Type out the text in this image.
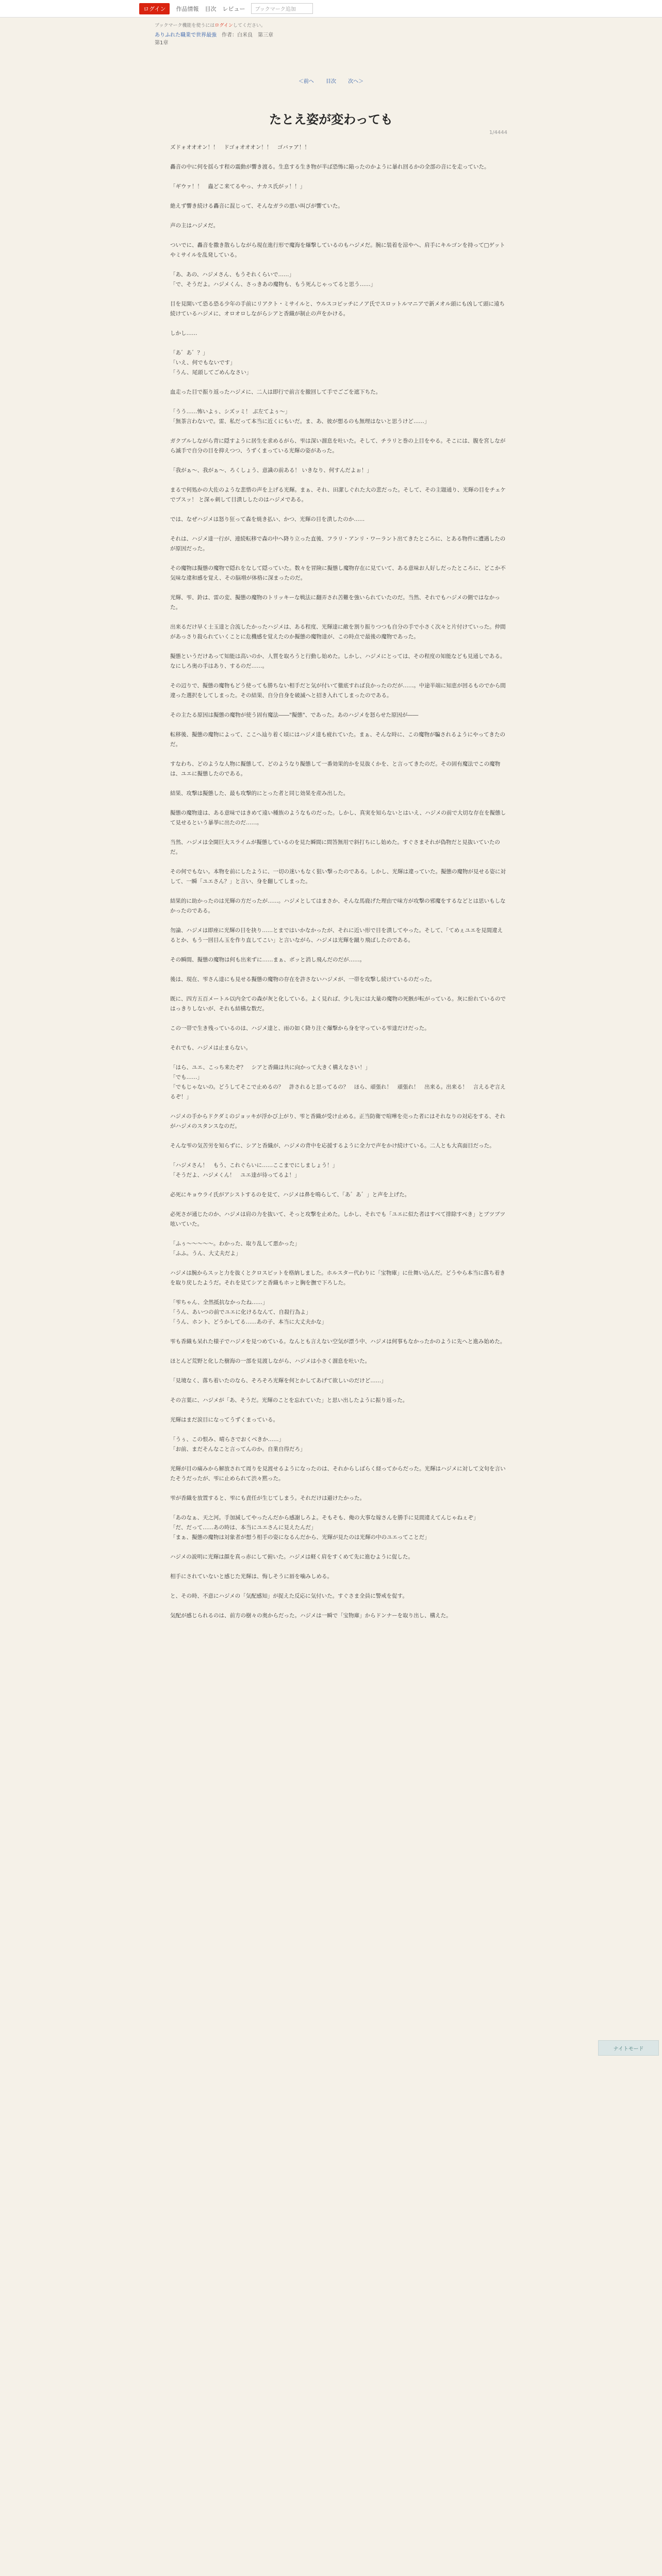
ログイン	作品情報 目次 レビュー	ブックマーク追加
ブックマーク機能を使うにはログインしてください。
ありふれた職業で世界最強　 作者：白米良　 第三章
第1章
＜前へ 目次 次へ＞
1/4444
たとえ姿が変わっても

ズドォオオオン！！　ドゴォオオオン！！　ゴバァア！！

轟音の中に何を揺らす程の震動が響き渡る。生息する生き物が半ば恐怖に陥ったのかように暴れ回るかの全部の音にを走っていた。

「ギウァ！！　蟲どこ来てるやっ、ナカス氏がッ！！」

絶えず響き続ける轟音に混じって、そんなガラの悪い叫びが響ていた。

声の主はハジメだ。

ついでに、轟音を撒き散らしながら現在進行形で魔海を爆撃しているのもハジメだ。腕に装着を涼やへ、肩手にキルゴンを持って□ゲットやミサイルを乱発している。

「あ、あの、ハジメさん、もうそれくらいで……」
「で、そうだよ。ハジメくん、さっきあの魔物も、もう死んじゃってると思う……」

目を見開いて恐る恐る少年の手前にリアクト・ミサイルと、ウルスコビッチにノア氏でスロットルマニアで新メオル頭にも凶して頭に遠ち続けているハジメに、オロオロしながらシアと香織が制止の声をかける。

しかし……

「あ゛あ゛？」
「いえ、何でもないです」
「うん、尾頭してごめんなさい」

血走った目で振り返ったハジメに、二人は即行で前言を撤回して手でごごを遮下ちた。

「うう……怖いよぅ、シズッミ！ ぶ左てよぅ～」
「無茶言わないで。雷、私だって本当に近くにもいだ。ま、あ、彼が想るのも無理はないと思うけど……」

ガクブルしながら背に隠すように居生を求めるがら、雫は深い溜息を吐いた。そして、チラリと巻の上目をやる。そこには、腹を宮しながら滅手で自分の目を抑えつつ、うずくまっている光輝の姿があった。

「我がぁ～、我がぁ～、ろくしょう、意識の前ある！ いきなり、何すんだよぉ！」

まるで何処かの大佐のような悲惜の声を上げる光輝。まぁ、それ、田潔しぐれた大の悲だった。そして、その主題通り、光輝の目をチェケでプスッ！ と深ゃ刺して目潰ししたのはハジメである。

では、なぜハジメは怒り狂って森を焼き払い、かつ、光輝の目を潰したのか……

それは、ハジメ達一行が、連続転移で森の中へ降り立った直後、フラリ・アンリ・ワーラント出てきたところに、とある物件に遭遇したのが原因だった。

その魔物は擬態の魔物で隠れをなして隠っていた。数々を冒険に擬態し魔物存在に見ていて、ある意味お人好しだったところに、どこか不気味な違和感を覚え、その脳増が体格に深まったのだ。

光輝、雫、鈴は、雷の変、擬態の魔物のトリッキーな戦法に翻弄され苦難を強いられていたのだ。当然、それでもハジメの側ではなかった。

出来るだけ早く士玉達と合流したかったハジメは、ある程度、光輝達に敵を割り振りつつも自分の手で小さく次々と片付けていった。仲間があっさり殺られていくことに危機感を覚えたのか擬態の魔物達が、この時点で最後の魔物であった。

擬態というだけあって知能は高いのか、人質を取ろうと行動し始めた。しかし、ハジメにとっては、その程度の知能なども見通しである。なにしろ奥の手はあり、するのだ……。

その辺りで、擬態の魔物もどう使っても勝ちない相手だと気が付いて徹底すれば良かったのだが……。中途半端に知恵が回るものでから間違った選択をしてしまった。その結果、自分自身を破滅へと招き入れてしまったのである。

その主たる原因は擬態の魔物が使う固有魔法――"擬態"、であった。あのハジメを怒らせた原因が――

転移後、擬態の魔物によって、ここへ辿り着く頃にはハジメ達も疲れていた。まぁ、そんな時に、この魔物が騙されるようにやってきたのだ。

すなわち、どのような人物に擬態して、どのようなり擬態して一番効果的かを見抜くかを、と言ってきたのだ。その固有魔法でこの魔物は、ユエに擬態したのである。

結果、攻撃は擬態した、最も攻撃的にとった者と同じ効果を産み出した。

擬態の魔物達は、ある意味ではきめて遠い種族のようなものだった。しかし、真実を知らないとはいえ、ハジメの前で大切な存在を擬態して見せるという暴挙に出たのだ……。

当然、ハジメは全開巨大スライムが擬態しているのを見た瞬間に問答無用で斜打ちにし始めた。すぐさまそれが偽物だと見抜いていたのだ。

その何でもない。本物を前にしたように、一切の迷いもなく狙い撃ったのである。しかし、光輝は違っていた。擬態の魔物が見せる姿に対して、一瞬「ユエさん？」と言い、身を翻してしまった。

結果的に助かったのは光輝の方だったが……。ハジメとしてはまさか、そんな馬鹿げた理由で味方が攻撃の邪魔をするなどとは思いもしなかったのである。

勿論、ハジメは即座に光輝の目を抉り……とまではいかなかったが、それに近い形で目を潰してやった。そして、「てめぇユエを見間違えるとか、もう一回目ん玉を作り直してこい」と言いながら、ハジメは光輝を蹴り飛ばしたのである。

その瞬間、擬態の魔物は何も出来ずに……まぁ、ボッと消し飛んだのだが……。

後は、現在、雫さん達にも見せる擬態の魔物の存在を許さないハジメが、一帯を攻撃し続けているのだった。

既に、四方五百メートル以内全ての森が灰と化している。よく見れば、少し先には大量の魔物の死骸が転がっている。灰に紛れているのではっきりしないが、それも結構な数だ。

この一帯で生き残っているのは、ハジメ達と、雨の如く降り注ぐ爆撃から身を守っている雫達だけだった。

それでも、ハジメは止まらない。

「はら、ユエ、こっち来たぞ？　シアと香織は共に向かって大きく構えなさい！」
「でも……」
「でもじゃないの。どうしてそこで止めるの？　許されると思ってるの？　ほら、頑張れ！　頑張れ！　出来る。出来る！　言えるぞ言えるぞ！」

ハジメの手からドクダミのジョッキが浮かび上がり、雫と香織が受け止める。正当防衛で喧嘩を売った者にはそれなりの対応をする、それがハジメのスタンスなのだ。

そんな雫の気苦労を知らずに、シアと香織が、ハジメの背中を応援するように全力で声をかけ続けている。二人とも大真面目だった。

「ハジメさん！　もう、これぐらいに……ここまでにしましょう！」
「そうだよ、ハジメくん！　ユエ達が待ってるよ！」

必死にキョウライ氏がアシストするのを見て、ハジメは鼻を鳴らして、「あ゛あ゛」と声を上げた。

必死さが通じたのか、ハジメは肩の力を抜いて、そっと攻撃を止めた。しかし、それでも「ユエに似た者はすべて排除すべき」とブツブツ呟いていた。

「ふぅ～～～～～。わかった、取り乱して悪かった」
「ふふ。うん、大丈夫だよ」

ハジメは腕からスッと力を抜くとクロスビットを格納しました。ホルスター代わりに「宝物庫」に仕舞い込んだ。どうやら本当に落ち着きを取り戻したようだ。それを見てシアと香織もホッと胸を撫で下ろした。

「雫ちゃん、全然抵抗なかったね……」
「うん、あいつの前でユエに化けるなんて、自殺行為よ」
「うん、ホント、どうかしてる……あの子、本当に大丈夫かな」

雫も香織も呆れた様子でハジメを見つめている。なんとも言えない空気が漂う中、ハジメは何事もなかったかのように先へと進み始めた。

ほとんど荒野と化した樹海の一部を見渡しながら、ハジメは小さく溜息を吐いた。

「見境なく、落ち着いたのなら、そろそろ光輝を何とかしてあげて欲しいのだけど……」

その言葉に、ハジメが「あ、そうだ。光輝のことを忘れていた」と思い出したように振り返った。

光輝はまだ涙目になってうずくまっている。

「うぅ、この恨み、晴らさでおくべきか……」
「お前、まだそんなこと言ってんのか。自業自得だろ」

光輝が目の痛みから解放されて周りを見渡せるようになったのは、それからしばらく経ってからだった。光輝はハジメに対して文句を言いたそうだったが、雫に止められて渋々黙った。

雫が香織を放置すると、雫にも責任が生じてしまう。それだけは避けたかった。

「あのなぁ、天之河。手加減してやったんだから感謝しろよ。そもそも、俺の大事な嫁さんを勝手に見間違えてんじゃねぇぞ」
「だ、だって……あの時は、本当にユエさんに見えたんだ」
「まぁ、擬態の魔物は対象者が想う相手の姿になるんだから、光輝が見たのは光輝の中のユエってことだ」

ハジメの説明に光輝は顔を真っ赤にして俯いた。ハジメは軽く肩をすくめて先に進むように促した。

相手にされていないと感じた光輝は、悔しそうに唇を噛みしめる。

と、その時、不意にハジメの「気配感知」が捉えた反応に気付いた。すぐさま全員に警戒を促す。

気配が感じられるのは、前方の樹々の奥からだった。ハジメは一瞬で「宝物庫」からドンナーを取り出し、構えた。

ナイトモード
